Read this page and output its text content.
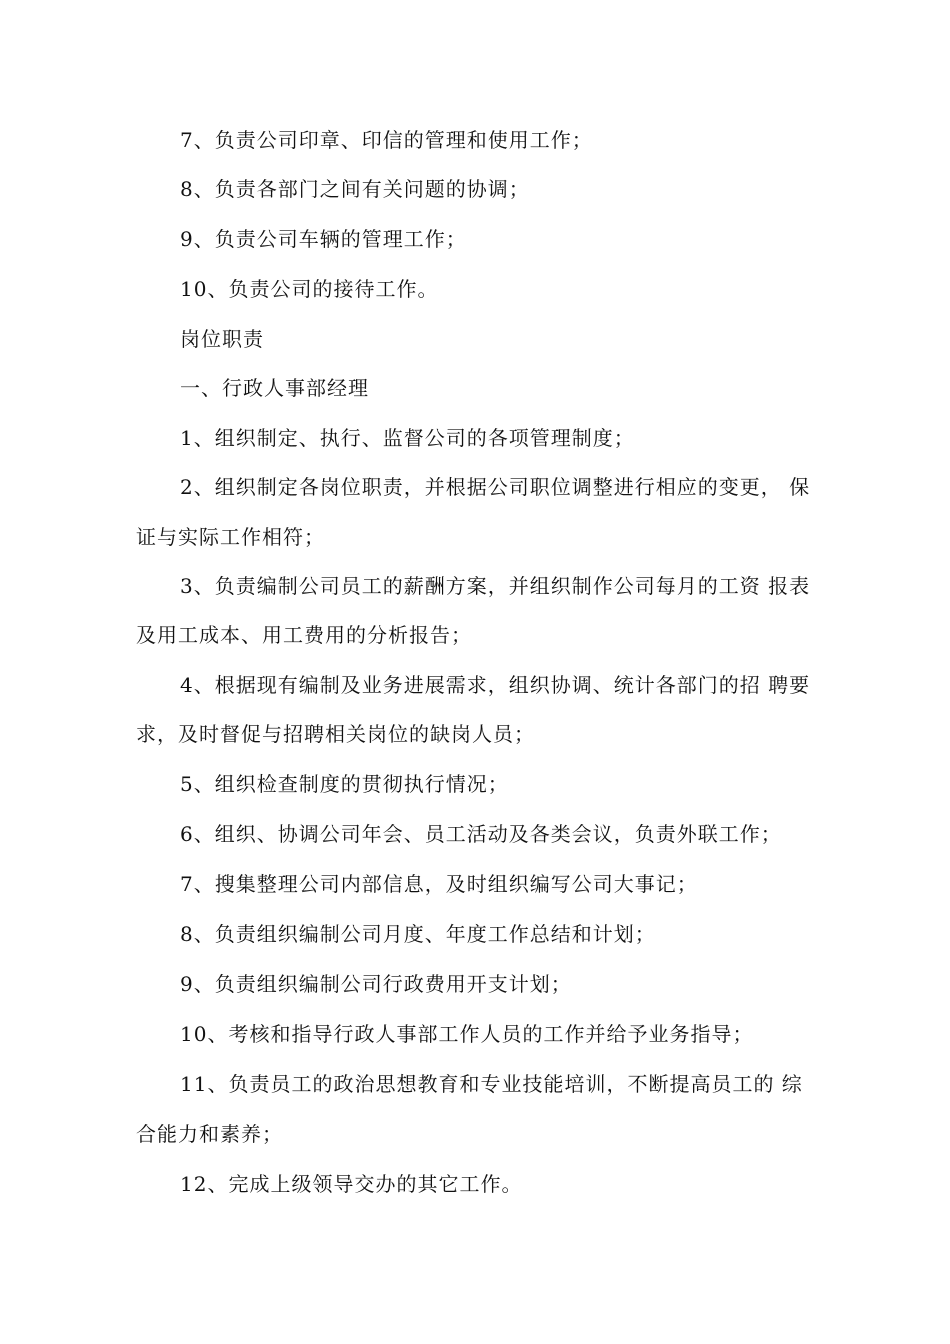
7、负责公司印章、印信的管理和使用工作；
8、负责各部门之间有关问题的协调；
9、负责公司车辆的管理工作；
10、负责公司的接待工作。
岗位职责
一、行政人事部经理
1、组织制定、执行、监督公司的各项管理制度；
2、组织制定各岗位职责，并根据公司职位调整进行相应的变更， 保
证与实际工作相符；
3、负责编制公司员工的薪酬方案，并组织制作公司每月的工资 报表
及用工成本、用工费用的分析报告；
4、根据现有编制及业务进展需求，组织协调、统计各部门的招 聘要
求，及时督促与招聘相关岗位的缺岗人员；
5、组织检查制度的贯彻执行情况；
6、组织、协调公司年会、员工活动及各类会议，负责外联工作；
7、搜集整理公司内部信息，及时组织编写公司大事记；
8、负责组织编制公司月度、年度工作总结和计划；
9、负责组织编制公司行政费用开支计划；
10、考核和指导行政人事部工作人员的工作并给予业务指导；
11、负责员工的政治思想教育和专业技能培训，不断提高员工的 综
合能力和素养；
12、完成上级领导交办的其它工作。
